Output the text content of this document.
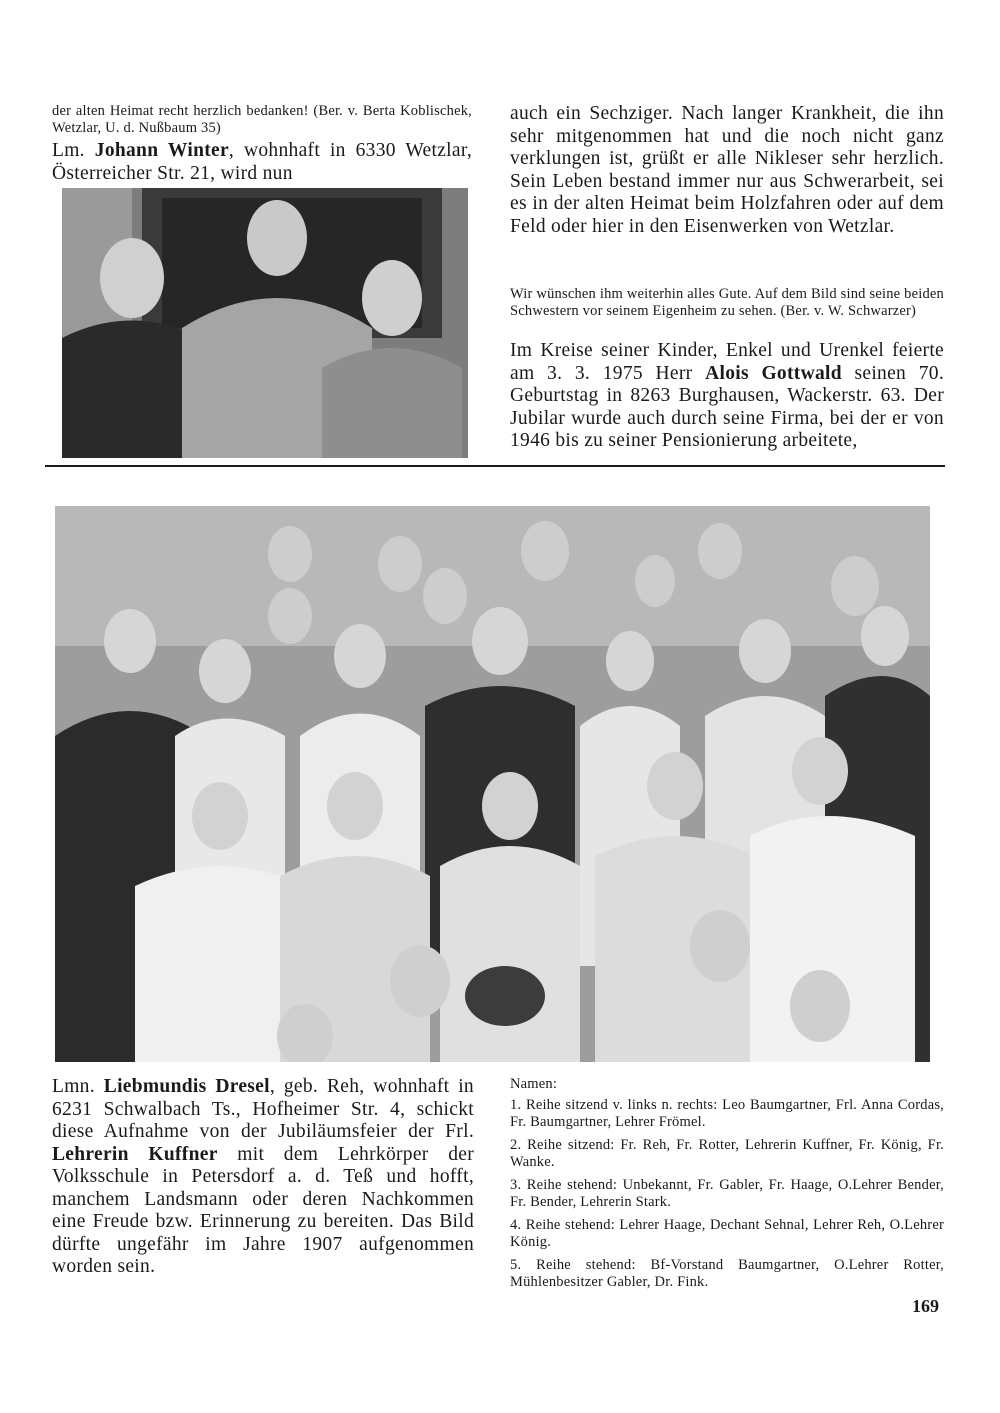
der alten Heimat recht herzlich bedanken! (Ber. v. Berta Koblischek, Wetzlar, U. d. Nußbaum 35)

Lm. Johann Winter, wohnhaft in 6330 Wetzlar, Österreicher Str. 21, wird nun

auch ein Sechziger. Nach langer Krankheit, die ihn sehr mitgenommen hat und die noch nicht ganz verklungen ist, grüßt er alle Nikleser sehr herzlich. Sein Leben bestand immer nur aus Schwerarbeit, sei es in der alten Heimat beim Holzfahren oder auf dem Feld oder hier in den Eisenwerken von Wetzlar.

Wir wünschen ihm weiterhin alles Gute. Auf dem Bild sind seine beiden Schwestern vor seinem Eigenheim zu sehen. (Ber. v. W. Schwarzer)

Im Kreise seiner Kinder, Enkel und Urenkel feierte am 3. 3. 1975 Herr Alois Gottwald seinen 70. Geburtstag in 8263 Burghausen, Wackerstr. 63. Der Jubilar wurde auch durch seine Firma, bei der er von 1946 bis zu seiner Pensionierung arbeitete,

Lmn. Liebmundis Dresel, geb. Reh, wohnhaft in 6231 Schwalbach Ts., Hofheimer Str. 4, schickt diese Aufnahme von der Jubiläumsfeier der Frl. Lehrerin Kuffner mit dem Lehrkörper der Volksschule in Petersdorf a. d. Teß und hofft, manchem Landsmann oder deren Nachkommen eine Freude bzw. Erinnerung zu bereiten. Das Bild dürfte ungefähr im Jahre 1907 aufgenommen worden sein.

Namen:

1. Reihe sitzend v. links n. rechts: Leo Baumgartner, Frl. Anna Cordas, Fr. Baumgartner, Lehrer Frömel.

2. Reihe sitzend: Fr. Reh, Fr. Rotter, Lehrerin Kuffner, Fr. König, Fr. Wanke.

3. Reihe stehend: Unbekannt, Fr. Gabler, Fr. Haage, O.Lehrer Bender, Fr. Bender, Lehrerin Stark.

4. Reihe stehend: Lehrer Haage, Dechant Sehnal, Lehrer Reh, O.Lehrer König.

5. Reihe stehend: Bf-Vorstand Baumgartner, O.Lehrer Rotter, Mühlenbesitzer Gabler, Dr. Fink.

169
